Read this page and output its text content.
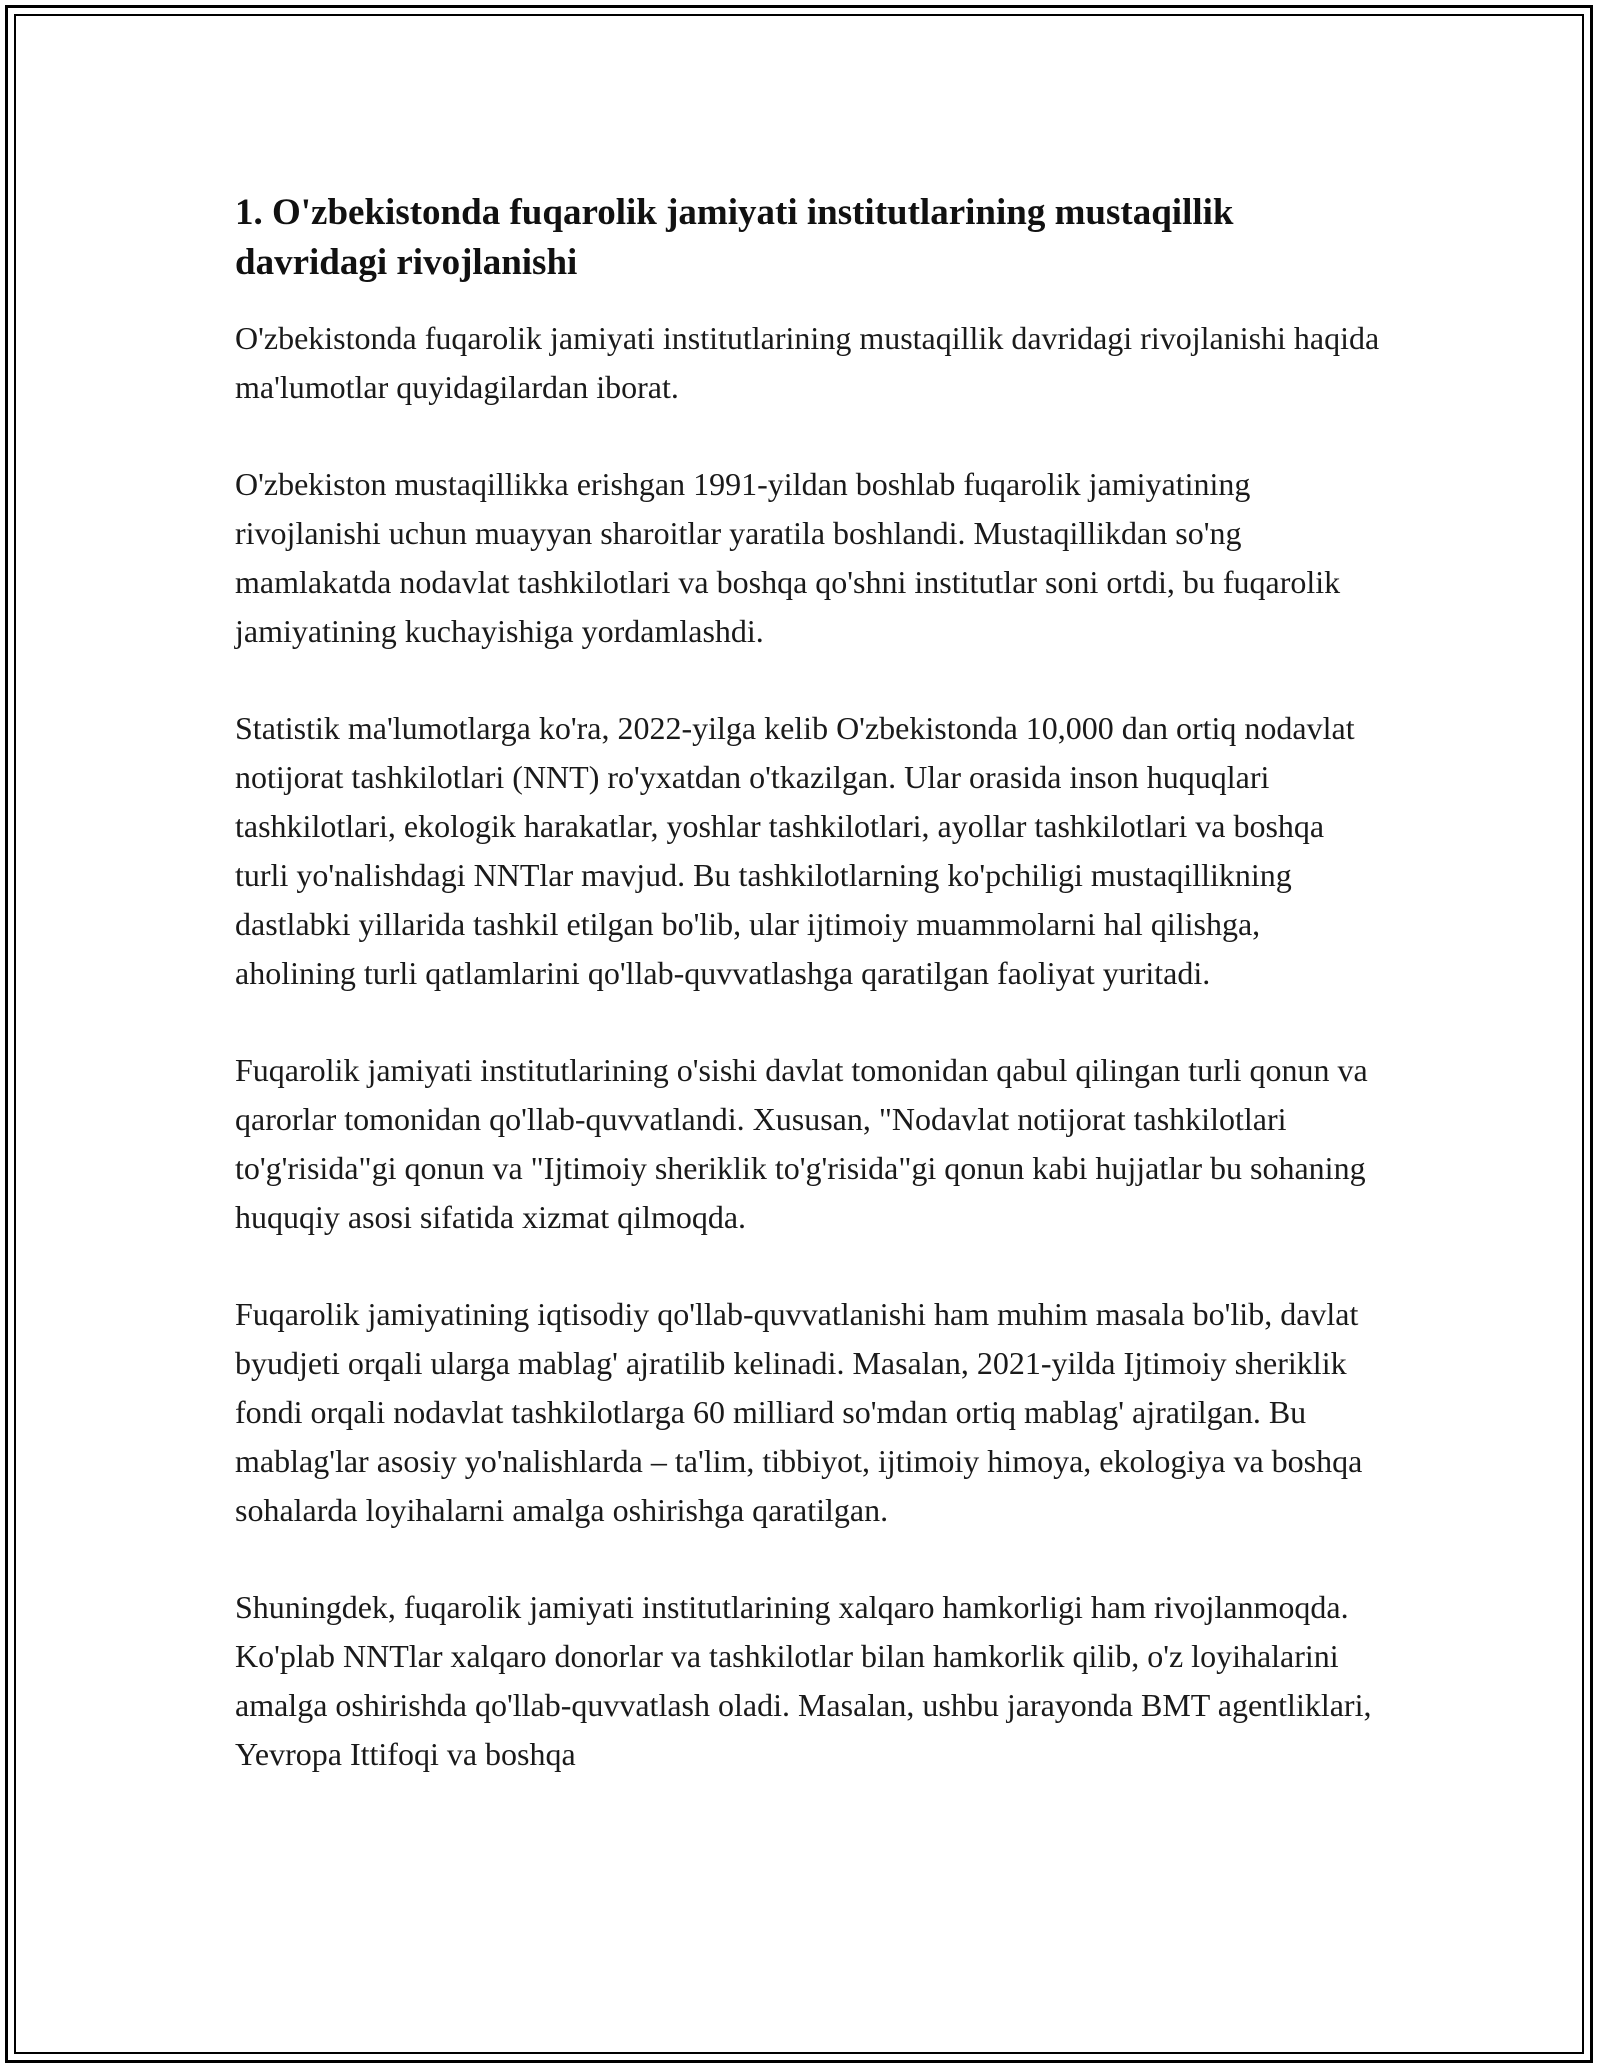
1. O'zbekistonda fuqarolik jamiyati institutlarining mustaqillik davridagi rivojlanishi

O'zbekistonda fuqarolik jamiyati institutlarining mustaqillik davridagi rivojlanishi haqida ma'lumotlar quyidagilardan iborat.

O'zbekiston mustaqillikka erishgan 1991-yildan boshlab fuqarolik jamiyatining rivojlanishi uchun muayyan sharoitlar yaratila boshlandi. Mustaqillikdan so'ng mamlakatda nodavlat tashkilotlari va boshqa qo'shni institutlar soni ortdi, bu fuqarolik jamiyatining kuchayishiga yordamlashdi.

Statistik ma'lumotlarga ko'ra, 2022-yilga kelib O'zbekistonda 10,000 dan ortiq nodavlat notijorat tashkilotlari (NNT) ro'yxatdan o'tkazilgan. Ular orasida inson huquqlari tashkilotlari, ekologik harakatlar, yoshlar tashkilotlari, ayollar tashkilotlari va boshqa turli yo'nalishdagi NNTlar mavjud. Bu tashkilotlarning ko'pchiligi mustaqillikning dastlabki yillarida tashkil etilgan bo'lib, ular ijtimoiy muammolarni hal qilishga, aholining turli qatlamlarini qo'llab-quvvatlashga qaratilgan faoliyat yuritadi.

Fuqarolik jamiyati institutlarining o'sishi davlat tomonidan qabul qilingan turli qonun va qarorlar tomonidan qo'llab-quvvatlandi. Xususan, "Nodavlat notijorat tashkilotlari to'g'risida"gi qonun va "Ijtimoiy sheriklik to'g'risida"gi qonun kabi hujjatlar bu sohaning huquqiy asosi sifatida xizmat qilmoqda.

Fuqarolik jamiyatining iqtisodiy qo'llab-quvvatlanishi ham muhim masala bo'lib, davlat byudjeti orqali ularga mablag' ajratilib kelinadi. Masalan, 2021-yilda Ijtimoiy sheriklik fondi orqali nodavlat tashkilotlarga 60 milliard so'mdan ortiq mablag' ajratilgan. Bu mablag'lar asosiy yo'nalishlarda – ta'lim, tibbiyot, ijtimoiy himoya, ekologiya va boshqa sohalarda loyihalarni amalga oshirishga qaratilgan.

Shuningdek, fuqarolik jamiyati institutlarining xalqaro hamkorligi ham rivojlanmoqda. Ko'plab NNTlar xalqaro donorlar va tashkilotlar bilan hamkorlik qilib, o'z loyihalarini amalga oshirishda qo'llab-quvvatlash oladi. Masalan, ushbu jarayonda BMT agentliklari, Yevropa Ittifoqi va boshqa
